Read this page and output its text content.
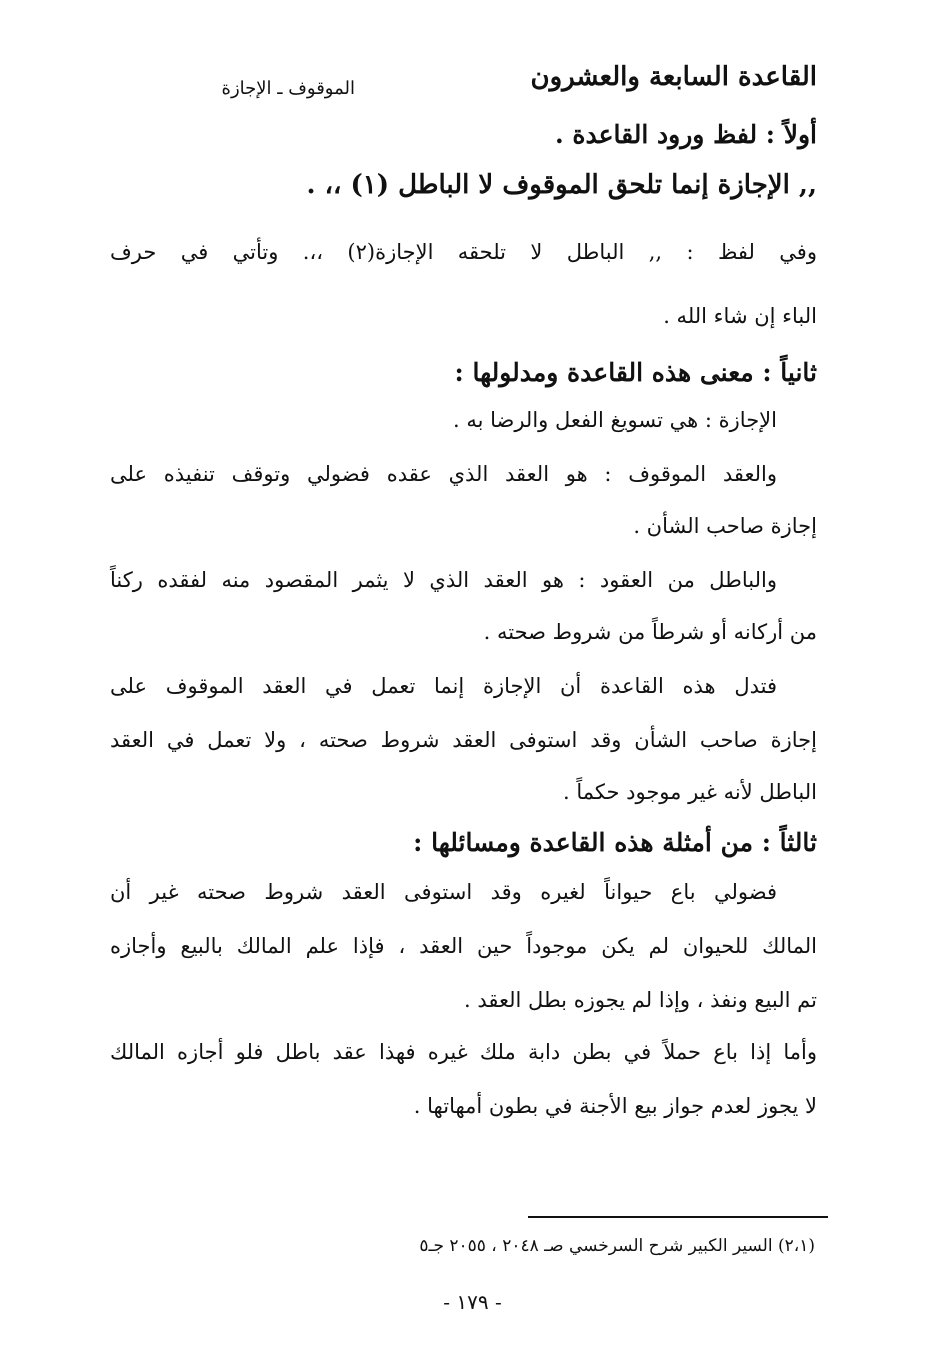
القاعدة السابعة والعشرون
الموقوف ـ الإجازة
أولاً : لفظ ورود القاعدة .
,, الإجازة إنما تلحق الموقوف لا الباطل (١) ،، .
وفي لفظ : ,, الباطل لا تلحقه الإجازة(٢) ،،. وتأتي في حرف
الباء إن شاء الله .
ثانياً : معنى هذه القاعدة ومدلولها :
الإجازة : هي تسويغ الفعل والرضا به .
والعقد الموقوف : هو العقد الذي عقده فضولي وتوقف تنفيذه على
إجازة صاحب الشأن .
والباطل من العقود : هو العقد الذي لا يثمر المقصود منه لفقده ركناً
من أركانه أو شرطاً من شروط صحته .
فتدل هذه القاعدة أن الإجازة إنما تعمل في العقد الموقوف على
إجازة صاحب الشأن وقد استوفى العقد شروط صحته ، ولا تعمل في العقد
الباطل لأنه غير موجود حكماً .
ثالثاً : من أمثلة هذه القاعدة ومسائلها :
فضولي باع حيواناً لغيره وقد استوفى العقد شروط صحته غير أن
المالك للحيوان لم يكن موجوداً حين العقد ، فإذا علم المالك بالبيع وأجازه
تم البيع ونفذ ، وإذا لم يجوزه بطل العقد .
وأما إذا باع حملاً في بطن دابة ملك غيره فهذا عقد باطل فلو أجازه المالك
لا يجوز لعدم جواز بيع الأجنة في بطون أمهاتها .
(٢،١) السير الكبير شرح السرخسي صـ ٢٠٤٨ ، ٢٠٥٥ جـ٥
- ١٧٩ -
